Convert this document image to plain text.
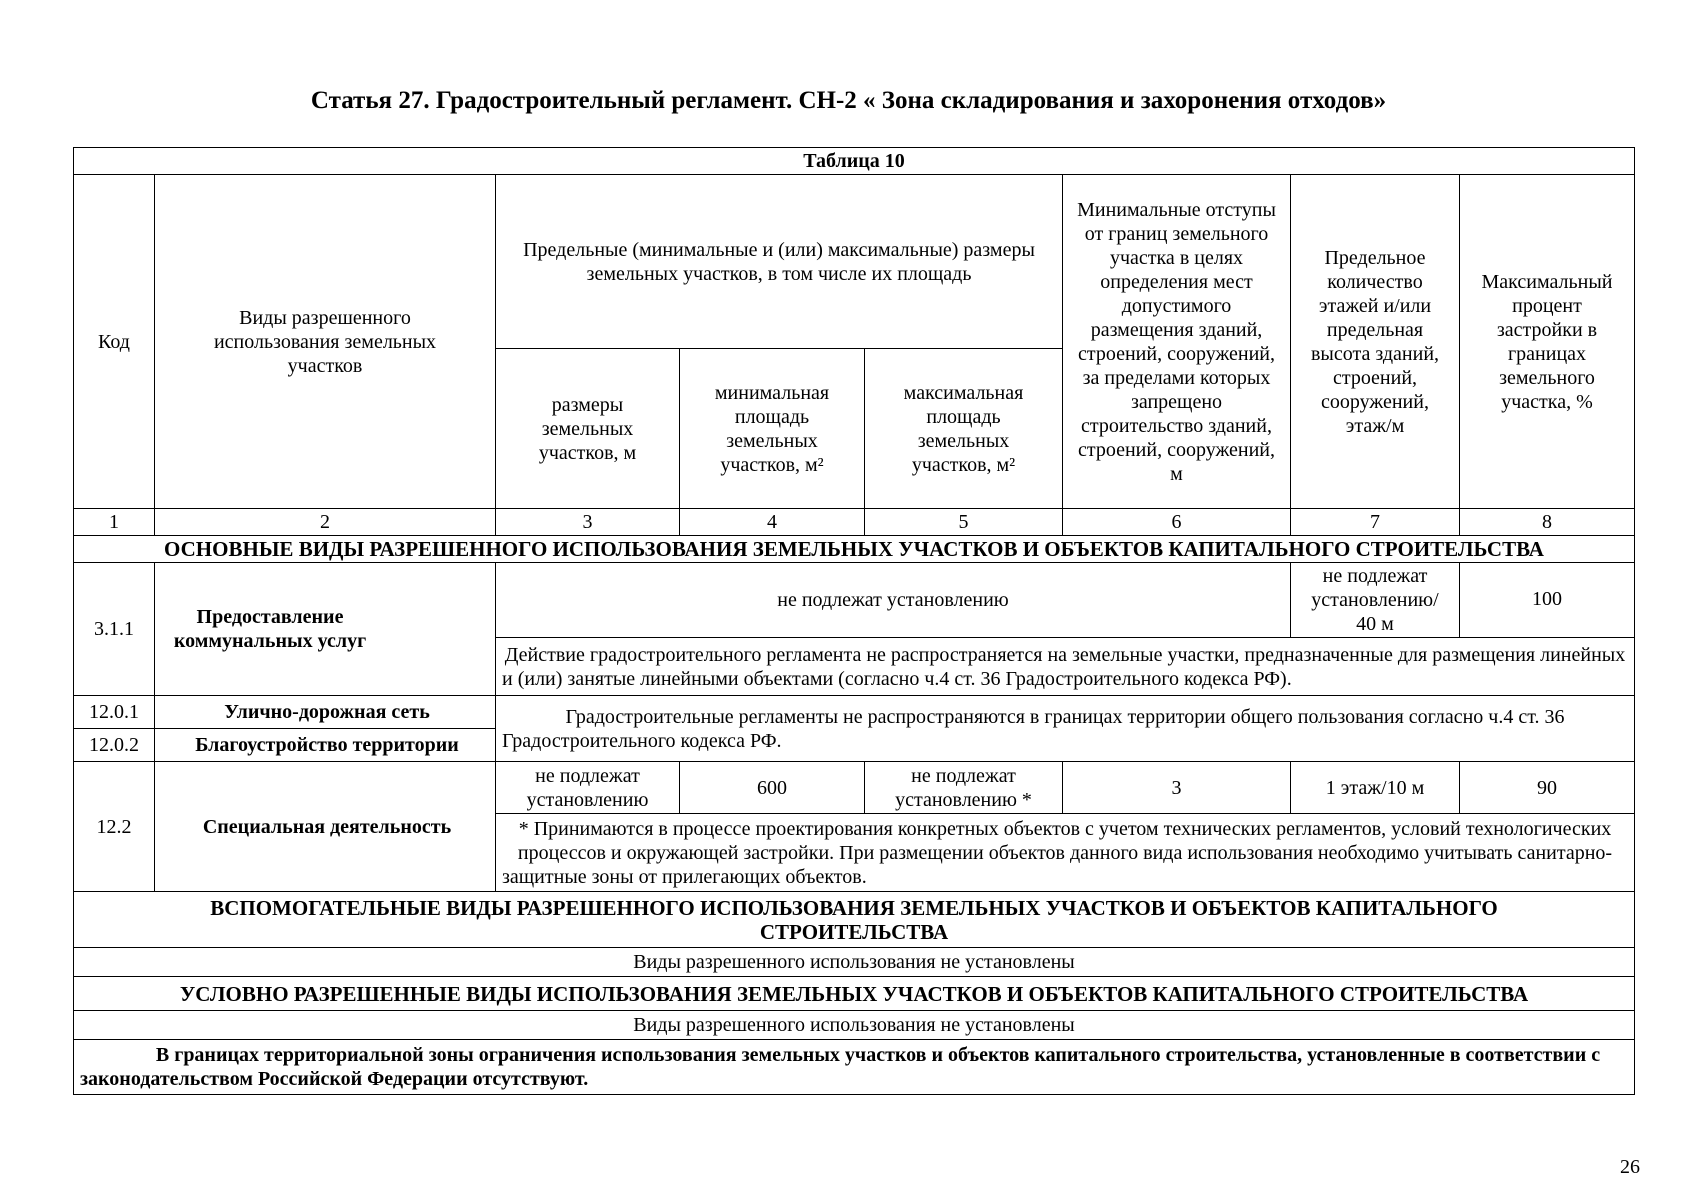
Статья 27. Градостроительный регламент. СН-2 « Зона складирования и захоронения отходов»
Таблица 10							
Код	Виды разрешенного использования земельных участков	Предельные (минимальные и (или) максимальные) размеры земельных участков, в том числе их площадь			Минимальные отступы от границ земельного участка в целях определения мест допустимого размещения зданий, строений, сооружений, за пределами которых запрещено строительство зданий, строений, сооружений, м	Предельное количество этажей и/или предельная высота зданий, строений, сооружений, этаж/м	Максимальный процент застройки в границах земельного участка, %
		размеры земельных участков, м	минимальная площадь земельных участков, м²	максимальная площадь земельных участков, м²			
1	2	3	4	5	6	7	8
ОСНОВНЫЕ ВИДЫ РАЗРЕШЕННОГО ИСПОЛЬЗОВАНИЯ ЗЕМЕЛЬНЫХ УЧАСТКОВ И ОБЪЕКТОВ КАПИТАЛЬНОГО СТРОИТЕЛЬСТВА							
3.1.1	Предоставление коммунальных услуг	не подлежат установлению				не подлежат установлению/ 40 м	100
		Действие градостроительного регламента не распространяется на земельные участки, предназначенные для размещения линейных и (или) занятые линейными объектами (согласно ч.4 ст. 36 Градостроительного кодекса РФ).					
12.0.1	Улично-дорожная сеть	Градостроительные регламенты не распространяются в границах территории общего пользования согласно ч.4 ст. 36 Градостроительного кодекса РФ.					
12.0.2	Благоустройство территории						
12.2	Специальная деятельность	не подлежат установлению	600	не подлежат установлению *	3	1 этаж/10 м	90
		* Принимаются в процессе проектирования конкретных объектов с учетом технических регламентов, условий технологических процессов и окружающей застройки. При размещении объектов данного вида использования необходимо учитывать санитарно-защитные зоны от прилегающих объектов.					
ВСПОМОГАТЕЛЬНЫЕ ВИДЫ РАЗРЕШЕННОГО ИСПОЛЬЗОВАНИЯ ЗЕМЕЛЬНЫХ УЧАСТКОВ И ОБЪЕКТОВ КАПИТАЛЬНОГО СТРОИТЕЛЬСТВА							
Виды разрешенного использования не установлены							
УСЛОВНО РАЗРЕШЕННЫЕ ВИДЫ ИСПОЛЬЗОВАНИЯ ЗЕМЕЛЬНЫХ УЧАСТКОВ И ОБЪЕКТОВ КАПИТАЛЬНОГО СТРОИТЕЛЬСТВА							
Виды разрешенного использования не установлены							
В границах территориальной зоны ограничения использования земельных участков и объектов капитального строительства, установленные в соответствии с законодательством Российской Федерации отсутствуют.							
26
